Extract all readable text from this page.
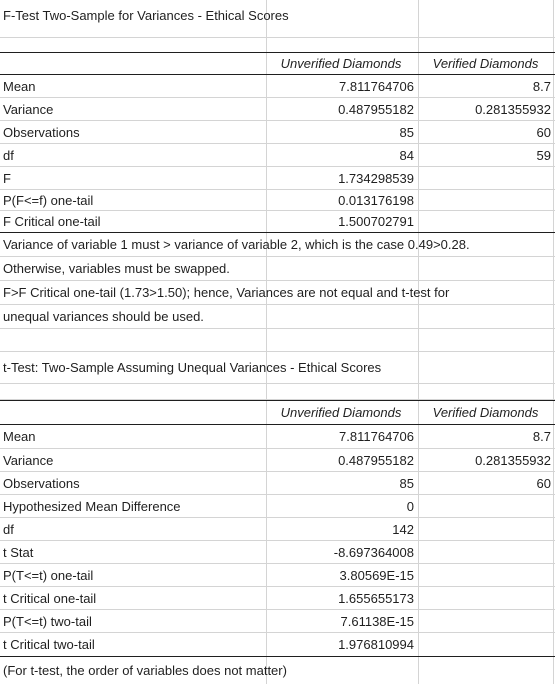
F-Test Two-Sample for Variances - Ethical Scores
Unverified Diamonds	Verified Diamonds
Mean	7.811764706	8.7
Variance	0.487955182	0.281355932
Observations	85	60
df	84	59
F	1.734298539
P(F<=f) one-tail	0.013176198
F Critical one-tail	1.500702791
Variance of variable 1 must > variance of variable 2, which is the case 0.49>0.28.
Otherwise, variables must be swapped.
F>F Critical one-tail (1.73>1.50); hence, Variances are not equal and t-test for
unequal variances should be used.
t-Test: Two-Sample Assuming Unequal Variances - Ethical Scores
Unverified Diamonds	Verified Diamonds
Mean	7.811764706	8.7
Variance	0.487955182	0.281355932
Observations	85	60
Hypothesized Mean Difference	0
df	142
t Stat	-8.697364008
P(T<=t) one-tail	3.80569E-15
t Critical one-tail	1.655655173
P(T<=t) two-tail	7.61138E-15
t Critical two-tail	1.976810994
(For t-test, the order of variables does not matter)
